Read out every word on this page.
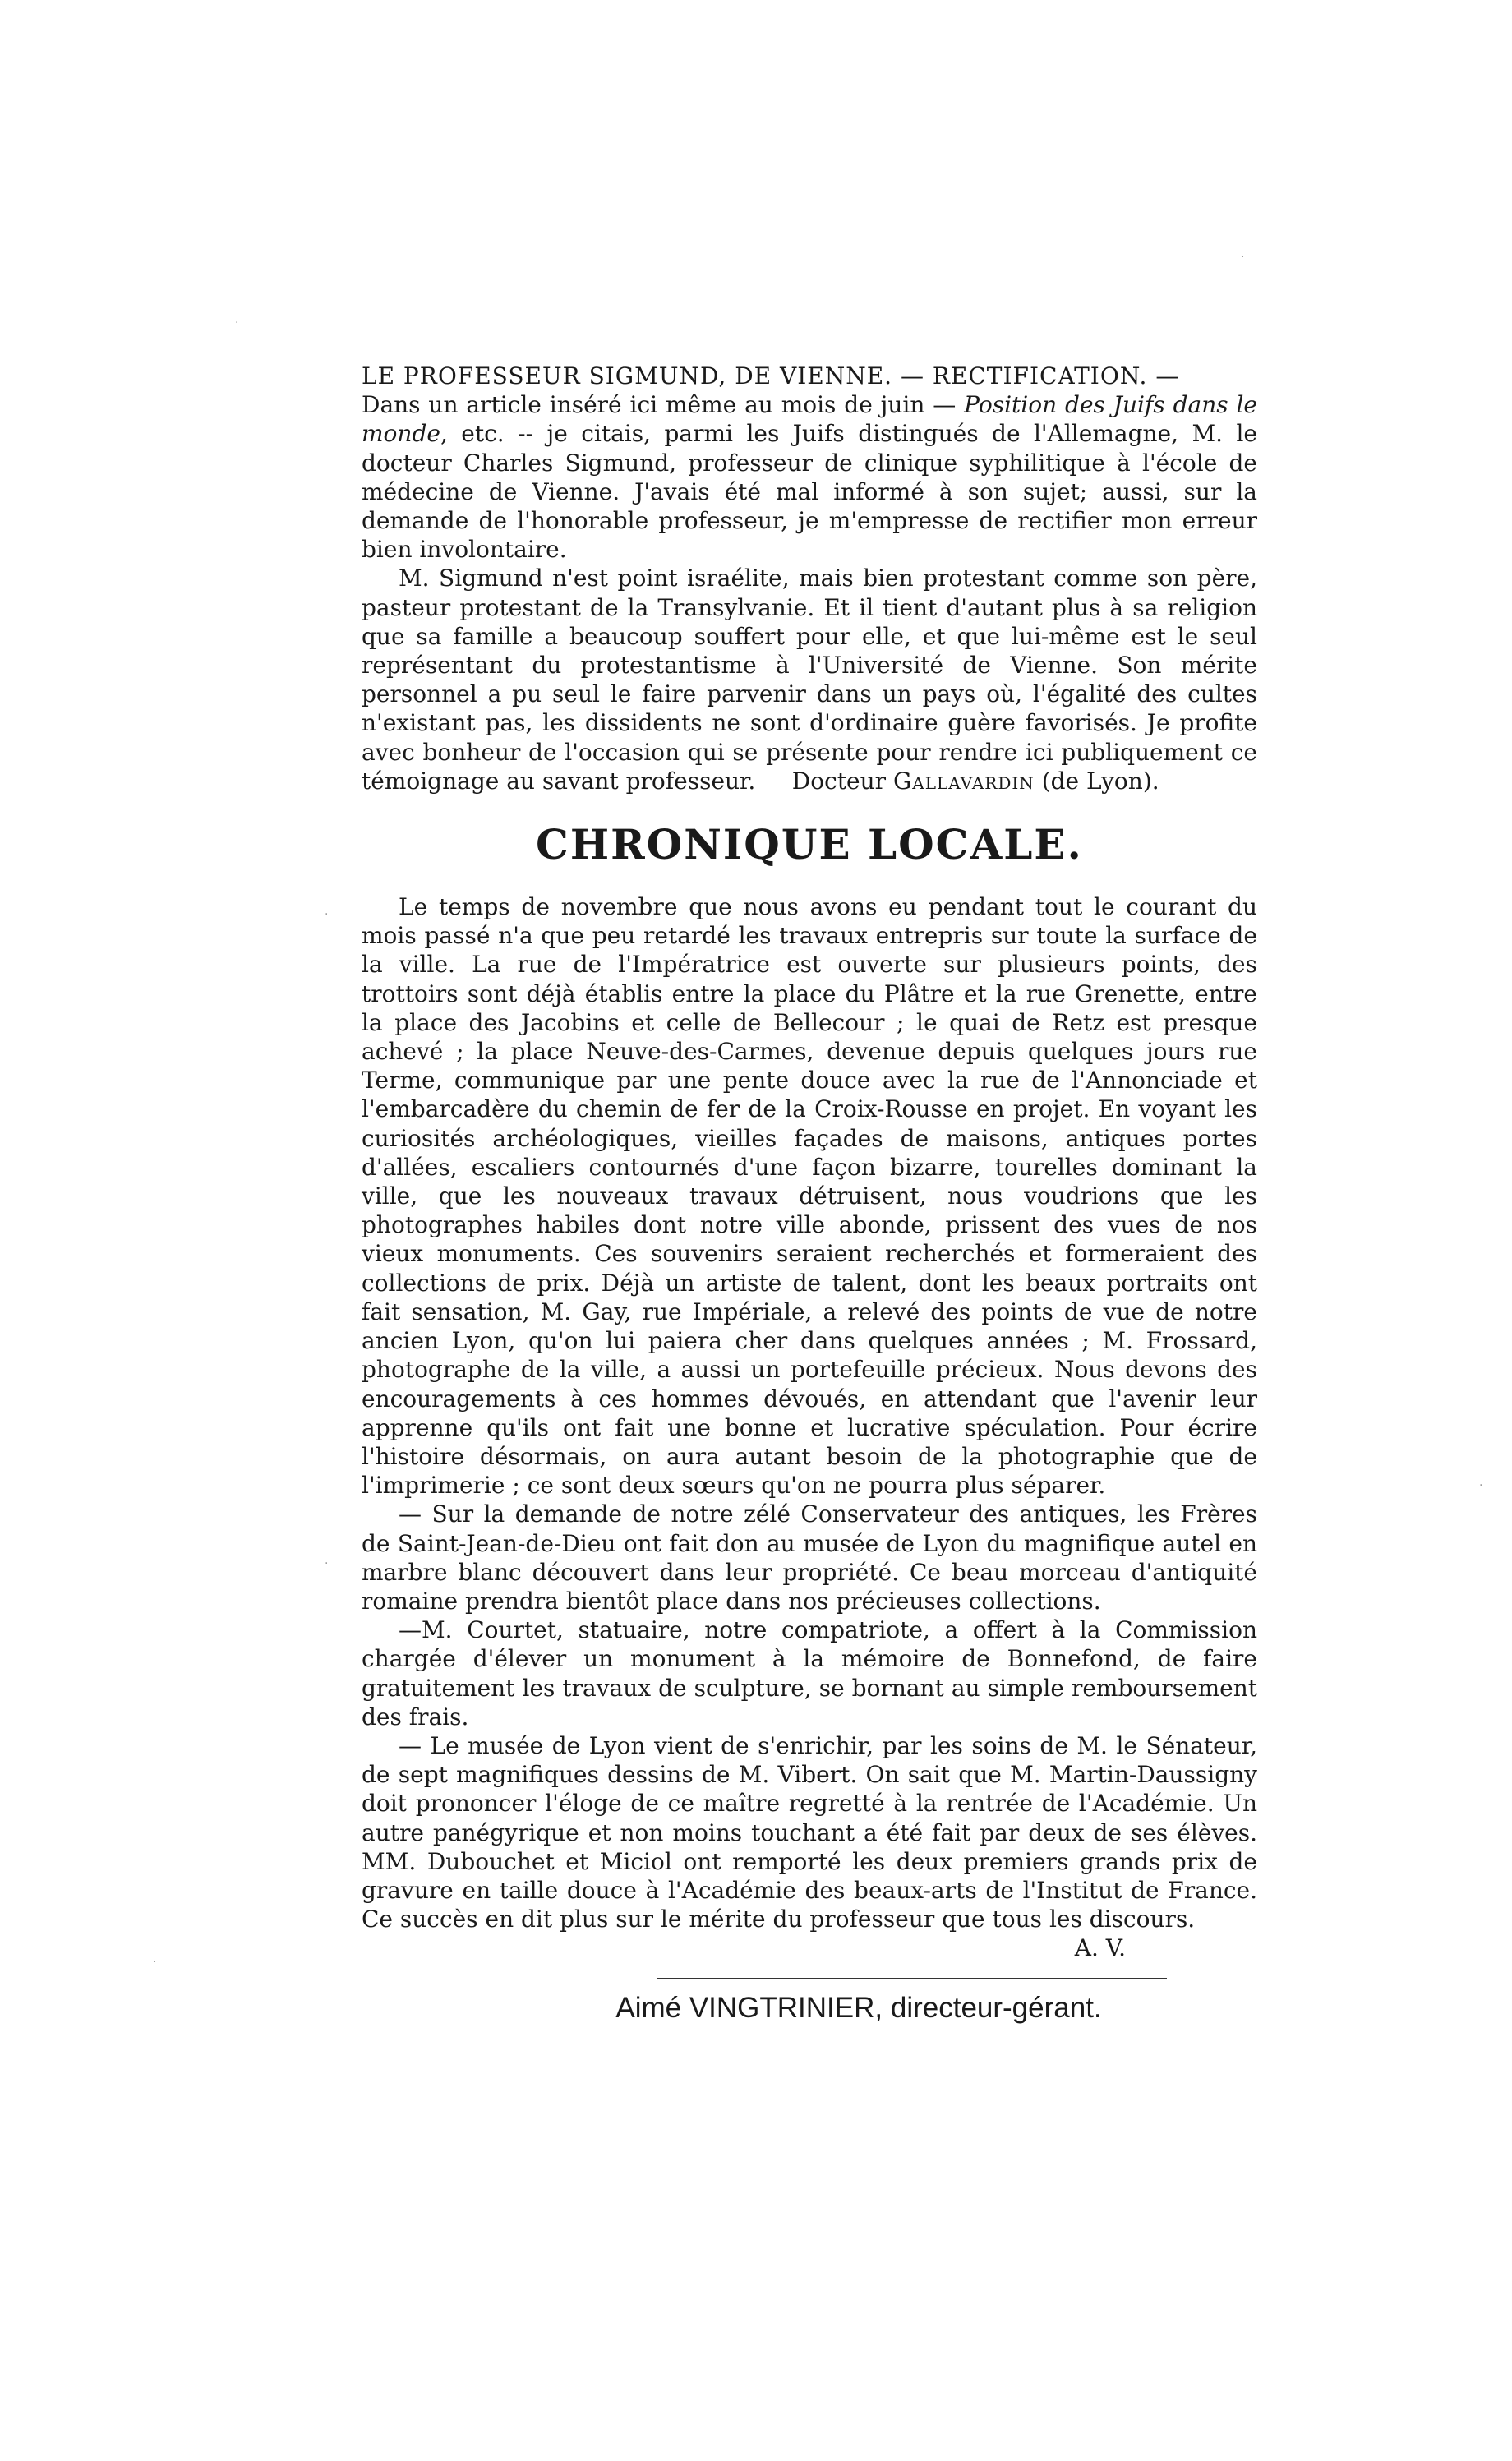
·
·
·
·
·
·

LE PROFESSEUR SIGMUND, DE VIENNE. — RECTIFICATION. —

Dans un article inséré ici même au mois de juin — Position des Juifs dans le monde, etc. -- je citais, parmi les Juifs distingués de l'Allemagne, M. le docteur Charles Sigmund, professeur de clinique syphilitique à l'école de médecine de Vienne. J'avais été mal informé à son sujet; aussi, sur la demande de l'honorable professeur, je m'empresse de rectifier mon erreur bien involontaire.

M. Sigmund n'est point israélite, mais bien protestant comme son père, pasteur protestant de la Transylvanie. Et il tient d'autant plus à sa religion que sa famille a beaucoup souffert pour elle, et que lui-même est le seul représentant du protestantisme à l'Université de Vienne. Son mérite personnel a pu seul le faire parvenir dans un pays où, l'égalité des cultes n'existant pas, les dissidents ne sont d'ordinaire guère favorisés. Je profite avec bonheur de l'occasion qui se présente pour rendre ici publiquement ce témoignage au savant professeur. Docteur Gallavardin (de Lyon).

CHRONIQUE LOCALE.

Le temps de novembre que nous avons eu pendant tout le courant du mois passé n'a que peu retardé les travaux entrepris sur toute la surface de la ville. La rue de l'Impératrice est ouverte sur plusieurs points, des trottoirs sont déjà établis entre la place du Plâtre et la rue Grenette, entre la place des Jacobins et celle de Bellecour ; le quai de Retz est presque achevé ; la place Neuve-des-Carmes, devenue depuis quelques jours rue Terme, communique par une pente douce avec la rue de l'Annonciade et l'embarcadère du chemin de fer de la Croix-Rousse en projet. En voyant les curiosités archéologiques, vieilles façades de maisons, antiques portes d'allées, escaliers contournés d'une façon bizarre, tourelles dominant la ville, que les nouveaux travaux détruisent, nous voudrions que les photographes habiles dont notre ville abonde, prissent des vues de nos vieux monuments. Ces souvenirs seraient recherchés et formeraient des collections de prix. Déjà un artiste de talent, dont les beaux portraits ont fait sensation, M. Gay, rue Impériale, a relevé des points de vue de notre ancien Lyon, qu'on lui paiera cher dans quelques années ; M. Frossard, photographe de la ville, a aussi un portefeuille précieux. Nous devons des encouragements à ces hommes dévoués, en attendant que l'avenir leur apprenne qu'ils ont fait une bonne et lucrative spéculation. Pour écrire l'histoire désormais, on aura autant besoin de la photographie que de l'imprimerie ; ce sont deux sœurs qu'on ne pourra plus séparer.

— Sur la demande de notre zélé Conservateur des antiques, les Frères de Saint-Jean-de-Dieu ont fait don au musée de Lyon du magnifique autel en marbre blanc découvert dans leur propriété. Ce beau morceau d'antiquité romaine prendra bientôt place dans nos précieuses collections.

—M. Courtet, statuaire, notre compatriote, a offert à la Commission chargée d'élever un monument à la mémoire de Bonnefond, de faire gratuitement les travaux de sculpture, se bornant au simple remboursement des frais.

— Le musée de Lyon vient de s'enrichir, par les soins de M. le Sénateur, de sept magnifiques dessins de M. Vibert. On sait que M. Martin-Daussigny doit prononcer l'éloge de ce maître regretté à la rentrée de l'Académie. Un autre panégyrique et non moins touchant a été fait par deux de ses élèves. MM. Dubouchet et Miciol ont remporté les deux premiers grands prix de gravure en taille douce à l'Académie des beaux-arts de l'Institut de France. Ce succès en dit plus sur le mérite du professeur que tous les discours.

A. V.

Aimé VINGTRINIER, directeur-gérant.
